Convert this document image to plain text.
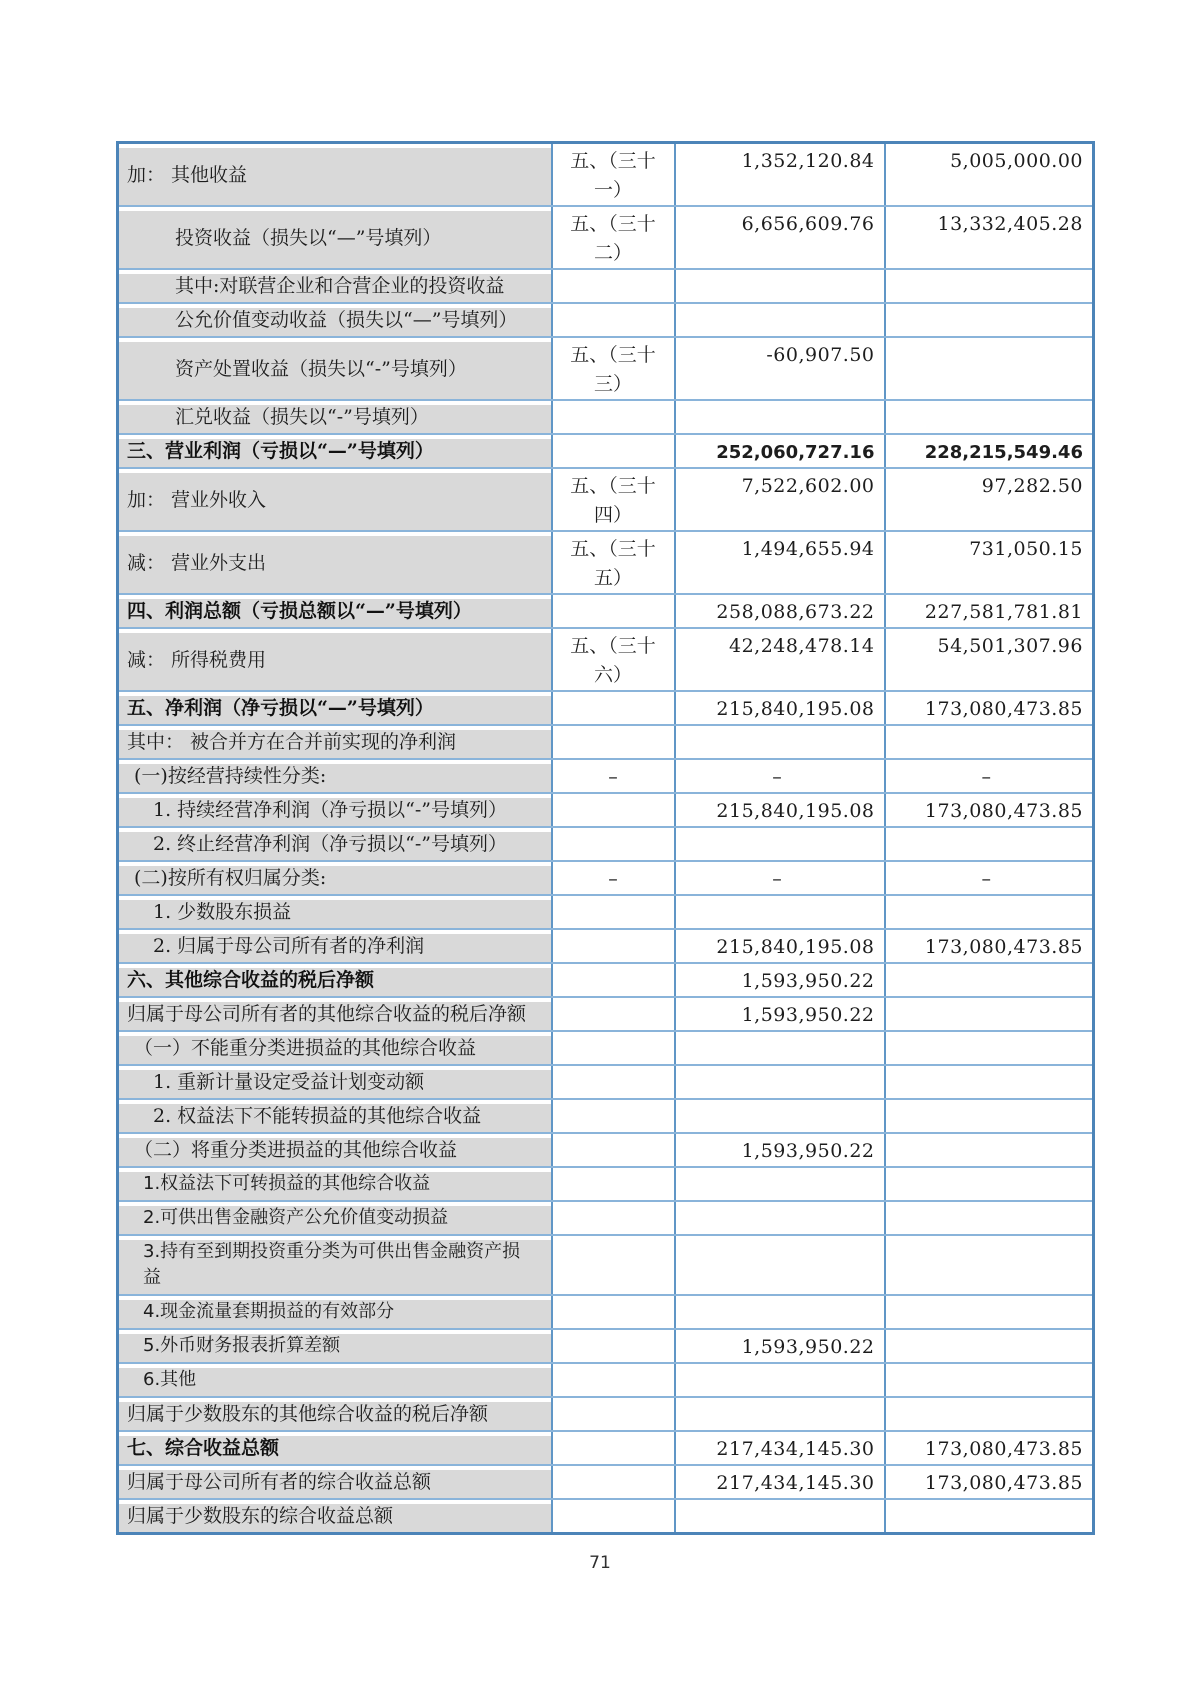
加： 其他收益	五、（三十一）	1,352,120.84	5,005,000.00
投资收益（损失以“—”号填列）	五、（三十二）	6,656,609.76	13,332,405.28
其中:对联营企业和合营企业的投资收益			
公允价值变动收益（损失以“—”号填列）			
资产处置收益（损失以“-”号填列）	五、（三十三）	-60,907.50	
汇兑收益（损失以“-”号填列）			
三、营业利润（亏损以“—”号填列）		252,060,727.16	228,215,549.46
加： 营业外收入	五、（三十四）	7,522,602.00	97,282.50
减： 营业外支出	五、（三十五）	1,494,655.94	731,050.15
四、利润总额（亏损总额以“—”号填列）		258,088,673.22	227,581,781.81
减： 所得税费用	五、（三十六）	42,248,478.14	54,501,307.96
五、净利润（净亏损以“—”号填列）		215,840,195.08	173,080,473.85
其中： 被合并方在合并前实现的净利润			
(一)按经营持续性分类:	–	–	–
1. 持续经营净利润（净亏损以“-”号填列）		215,840,195.08	173,080,473.85
2. 终止经营净利润（净亏损以“-”号填列）			
(二)按所有权归属分类:	–	–	–
1. 少数股东损益			
2. 归属于母公司所有者的净利润		215,840,195.08	173,080,473.85
六、其他综合收益的税后净额		1,593,950.22	
归属于母公司所有者的其他综合收益的税后净额		1,593,950.22	
（一）不能重分类进损益的其他综合收益			
1. 重新计量设定受益计划变动额			
2. 权益法下不能转损益的其他综合收益			
（二）将重分类进损益的其他综合收益		1,593,950.22	
1.权益法下可转损益的其他综合收益			
2.可供出售金融资产公允价值变动损益			
3.持有至到期投资重分类为可供出售金融资产损益			
4.现金流量套期损益的有效部分			
5.外币财务报表折算差额		1,593,950.22	
6.其他			
归属于少数股东的其他综合收益的税后净额			
七、综合收益总额		217,434,145.30	173,080,473.85
归属于母公司所有者的综合收益总额		217,434,145.30	173,080,473.85
归属于少数股东的综合收益总额			
71
